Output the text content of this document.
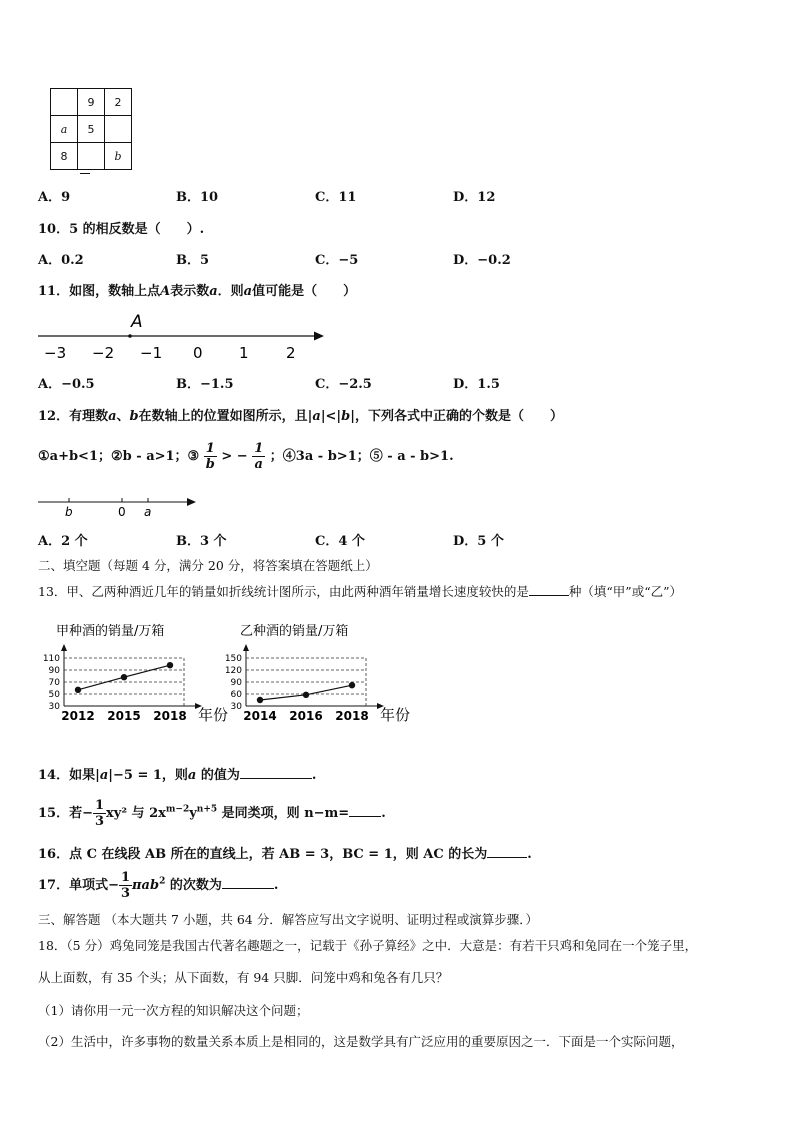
	9	2
a	5	
8		b
A．9	B．10	C．11	D．12
10．5 的相反数是（　　）.
A．0.2	B．5	C．−5	D．−0.2
11．如图，数轴上点A表示数a．则a值可能是（　　）
A
−3 −2 −1 0 1 2
A．−0.5	B．−1.5	C．−2.5	D．1.5
12．有理数a、b在数轴上的位置如图所示，且|a|<|b|，下列各式中正确的个数是（　　）
①a+b<1；②b - a>1；③ $\frac{1}{b}$ > − $\frac{1}{a}$ ；④3a - b>1；⑤ - a - b>1.
b	0 a
A．2 个	B．3 个	C．4 个	D．5 个
二、填空题（每题 4 分，满分 20 分，将答案填在答题纸上）
13．甲、乙两种酒近几年的销量如折线统计图所示，由此两种酒年销量增长速度较快的是	种（填“甲”或“乙”）
甲种酒的销量/万箱
30
50
70
90
110
2012 2015 2018 年份
乙种酒的销量/万箱
30
60
90
120
150
2014 2016 2018 年份
14．如果|a|−5 = 1，则a 的值为	.
15．若− $\frac{1}{3} xy^2$ 与 $2x^{m-2}y^{n+5}$ 是同类项，则 n−m= .
16．点 C 在线段 AB 所在的直线上，若 AB = 3，BC = 1，则 AC 的长为	.
17．单项式− $\frac{1}{3} \pi ab^2$ 的次数为	.
三、解答题 （本大题共 7 小题，共 64 分．解答应写出文字说明、证明过程或演算步骤．）
18．（5 分）鸡兔同笼是我国古代著名趣题之一，记载于《孙子算经》之中．大意是：有若干只鸡和兔同在一个笼子里，
从上面数，有 35 个头；从下面数，有 94 只脚．问笼中鸡和兔各有几只？
（1）请你用一元一次方程的知识解决这个问题；
（2）生活中，许多事物的数量关系本质上是相同的，这是数学具有广泛应用的重要原因之一．下面是一个实际问题，
